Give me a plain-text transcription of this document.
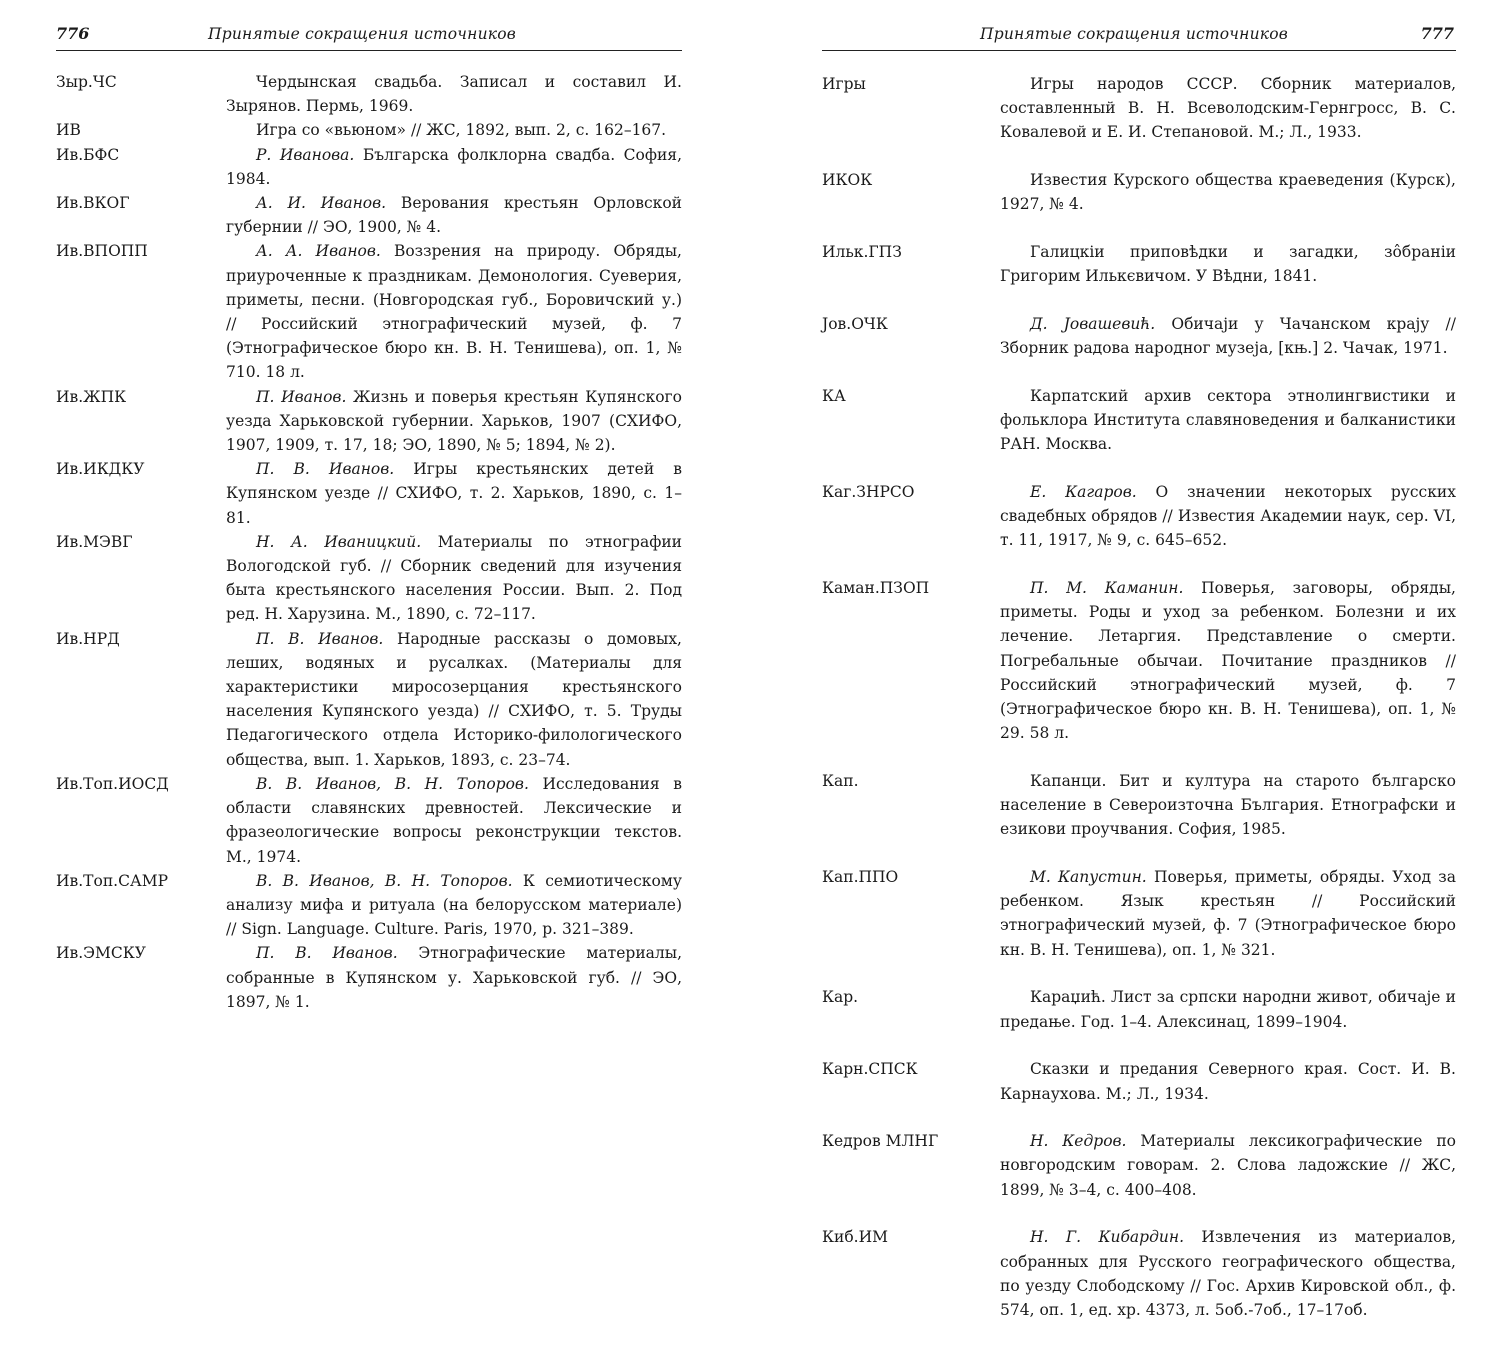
776	Принятые сокращения источников
Зыр.ЧС	Чердынская свадьба. Записал и составил И. Зырянов. Пермь, 1969.
ИВ	Игра со «вьюном» // ЖС, 1892, вып. 2, с. 162–167.
Ив.БФС	Р. Иванова. Българска фолклорна свадба. София, 1984.
Ив.ВКОГ	А. И. Иванов. Верования крестьян Орловской губернии // ЭО, 1900, № 4.
Ив.ВПОПП	А. А. Иванов. Воззрения на природу. Обряды, приуроченные к праздникам. Демонология. Суеверия, приметы, песни. (Новгородская губ., Боровичский у.) // Российский этнографический музей, ф. 7 (Этнографическое бюро кн. В. Н. Тенишева), оп. 1, № 710. 18 л.
Ив.ЖПК	П. Иванов. Жизнь и поверья крестьян Купянского уезда Харьковской губернии. Харьков, 1907 (СХИФО, 1907, 1909, т. 17, 18; ЭО, 1890, № 5; 1894, № 2).
Ив.ИКДКУ	П. В. Иванов. Игры крестьянских детей в Купянском уезде // СХИФО, т. 2. Харьков, 1890, с. 1–81.
Ив.МЭВГ	Н. А. Иваницкий. Материалы по этнографии Вологодской губ. // Сборник сведений для изучения быта крестьянского населения России. Вып. 2. Под ред. Н. Харузина. М., 1890, с. 72–117.
Ив.НРД	П. В. Иванов. Народные рассказы о домовых, леших, водяных и русалках. (Материалы для характеристики миросозерцания крестьянского населения Купянского уезда) // СХИФО, т. 5. Труды Педагогического отдела Историко-филологического общества, вып. 1. Харьков, 1893, с. 23–74.
Ив.Топ.ИОСД	В. В. Иванов, В. Н. Топоров. Исследования в области славянских древностей. Лексические и фразеологические вопросы реконструкции текстов. М., 1974.
Ив.Топ.САМР	В. В. Иванов, В. Н. Топоров. К семиотическому анализу мифа и ритуала (на белорусском материале) // Sign. Language. Culture. Paris, 1970, p. 321–389.
Ив.ЭМСКУ	П. В. Иванов. Этнографические материалы, собранные в Купянском у. Харьковской губ. // ЭО, 1897, № 1.
Принятые сокращения источников	777
Игры	Игры народов СССР. Сборник материалов, составленный В. Н. Всеволодским-Гернгросс, В. С. Ковалевой и Е. И. Степановой. М.; Л., 1933.
ИКОК	Известия Курского общества краеведения (Курск), 1927, № 4.
Ильк.ГПЗ	Галицкіи приповѣдки и загадки, зôбраніи Григорим Илькєвичом. У Вѣдни, 1841.
Јов.ОЧК	Д. Јовашевић. Обичаји у Чачанском крају // Зборник радова народног музеја, [књ.] 2. Чачак, 1971.
КА	Карпатский архив сектора этнолингвистики и фольклора Института славяноведения и балканистики РАН. Москва.
Каг.ЗНРСО	Е. Кагаров. О значении некоторых русских свадебных обрядов // Известия Академии наук, сер. VI, т. 11, 1917, № 9, с. 645–652.
Каман.ПЗОП	П. М. Каманин. Поверья, заговоры, обряды, приметы. Роды и уход за ребенком. Болезни и их лечение. Летаргия. Представление о смерти. Погребальные обычаи. Почитание праздников // Российский этнографический музей, ф. 7 (Этнографическое бюро кн. В. Н. Тенишева), оп. 1, № 29. 58 л.
Кап.	Капанци. Бит и култура на старото българско население в Североизточна България. Етнографски и езикови проучвания. София, 1985.
Кап.ППО	М. Капустин. Поверья, приметы, обряды. Уход за ребенком. Язык крестьян // Российский этнографический музей, ф. 7 (Этнографическое бюро кн. В. Н. Тенишева), оп. 1, № 321.
Кар.	Караџић. Лист за српски народни живот, обичаје и предање. Год. 1–4. Алексинац, 1899–1904.
Карн.СПСК	Сказки и предания Северного края. Сост. И. В. Карнаухова. М.; Л., 1934.
Кедров МЛНГ	Н. Кедров. Материалы лексикографические по новгородским говорам. 2. Слова ладожские // ЖС, 1899, № 3–4, с. 400–408.
Киб.ИМ	Н. Г. Кибардин. Извлечения из материалов, собранных для Русского географического общества, по уезду Слободскому // Гос. Архив Кировской обл., ф. 574, оп. 1, ед. хр. 4373, л. 5об.-7об., 17–17об.
